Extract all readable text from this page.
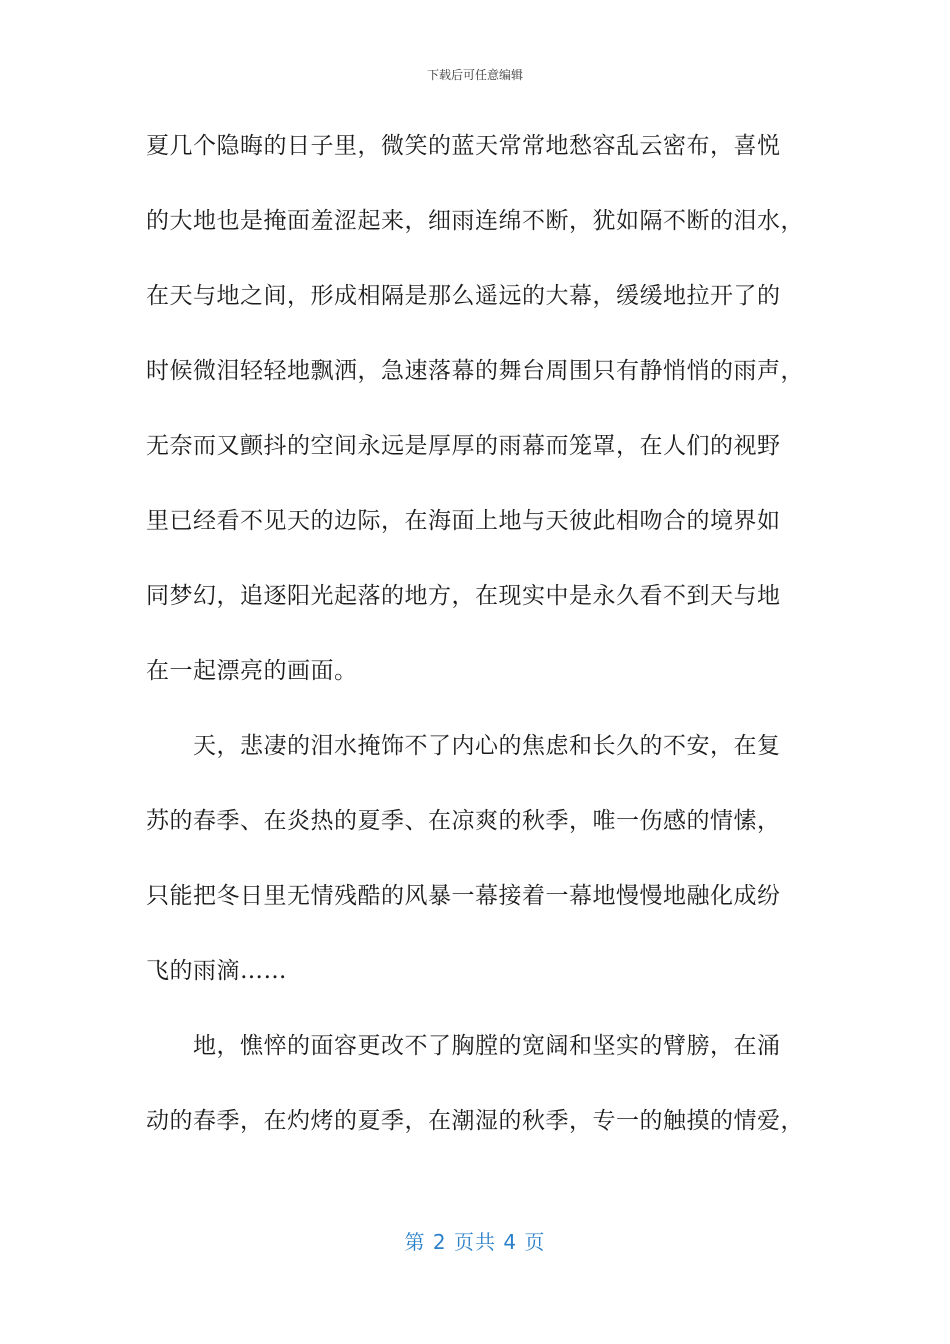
下载后可任意编辑
夏几个隐晦的日子里，微笑的蓝天常常地愁容乱云密布，喜悦
的大地也是掩面羞涩起来，细雨连绵不断，犹如隔不断的泪水，
在天与地之间，形成相隔是那么遥远的大幕，缓缓地拉开了的
时候微泪轻轻地飘洒，急速落幕的舞台周围只有静悄悄的雨声，
无奈而又颤抖的空间永远是厚厚的雨幕而笼罩，在人们的视野
里已经看不见天的边际，在海面上地与天彼此相吻合的境界如
同梦幻，追逐阳光起落的地方，在现实中是永久看不到天与地
在一起漂亮的画面。
天，悲凄的泪水掩饰不了内心的焦虑和长久的不安，在复
苏的春季、在炎热的夏季、在凉爽的秋季，唯一伤感的情愫，
只能把冬日里无情残酷的风暴一幕接着一幕地慢慢地融化成纷
飞的雨滴……
地，憔悴的面容更改不了胸膛的宽阔和坚实的臂膀，在涌
动的春季，在灼烤的夏季，在潮湿的秋季，专一的触摸的情爱，
第 2 页共 4 页
